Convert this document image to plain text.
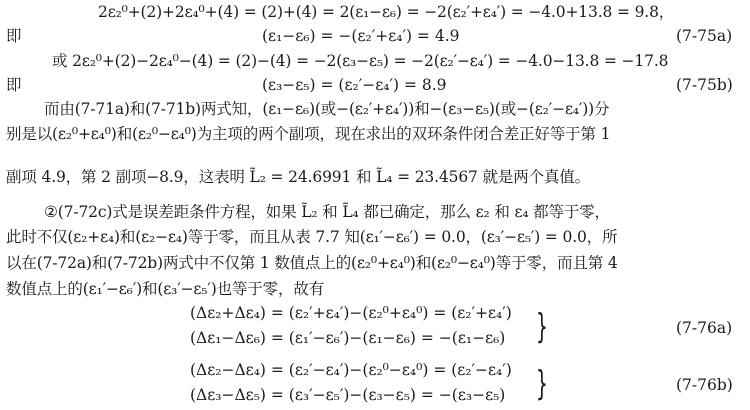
2ε₂⁰+(2)+2ε₄⁰+(4) = (2)+(4) = 2(ε₁−ε₆) = −2(ε₂′+ε₄′) = −4.0+13.8 = 9.8，
即	(ε₁−ε₆) = −(ε₂′+ε₄′) = 4.9	(7-75a)
或 2ε₂⁰+(2)−2ε₄⁰−(4) = (2)−(4) = −2(ε₃−ε₅) = −2(ε₂′−ε₄′) = −4.0−13.8 = −17.8
即	(ε₃−ε₅) = (ε₂′−ε₄′) = 8.9	(7-75b)
而由(7-71a)和(7-71b)两式知，(ε₁−ε₆)(或−(ε₂′+ε₄′))和−(ε₃−ε₅)(或−(ε₂′−ε₄′))分
别是以(ε₂⁰+ε₄⁰)和(ε₂⁰−ε₄⁰)为主项的两个副项，现在求出的双环条件闭合差正好等于第 1
副项 4.9，第 2 副项−8.9，这表明 L̃₂ = 24.6991 和 L̃₄ = 23.4567 就是两个真值。
②(7-72c)式是误差距条件方程，如果 L̃₂ 和 L̃₄ 都已确定，那么 ε₂ 和 ε₄ 都等于零，
此时不仅(ε₂+ε₄)和(ε₂−ε₄)等于零，而且从表 7.7 知(ε₁′−ε₆′) = 0.0，(ε₃′−ε₅′) = 0.0，所
以在(7-72a)和(7-72b)两式中不仅第 1 数值点上的(ε₂⁰+ε₄⁰)和(ε₂⁰−ε₄⁰)等于零，而且第 4
数值点上的(ε₁′−ε₆′)和(ε₃′−ε₅′)也等于零，故有
(Δε₂+Δε₄) = (ε₂′+ε₄′)−(ε₂⁰+ε₄⁰) = (ε₂′+ε₄′)
(Δε₁−Δε₆) = (ε₁′−ε₆′)−(ε₁−ε₆) = −(ε₁−ε₆) }	(7-76a)
(Δε₂−Δε₄) = (ε₂′−ε₄′)−(ε₂⁰−ε₄⁰) = (ε₂′−ε₄′)
(Δε₃−Δε₅) = (ε₃′−ε₅′)−(ε₃−ε₅) = −(ε₃−ε₅) }	(7-76b)
